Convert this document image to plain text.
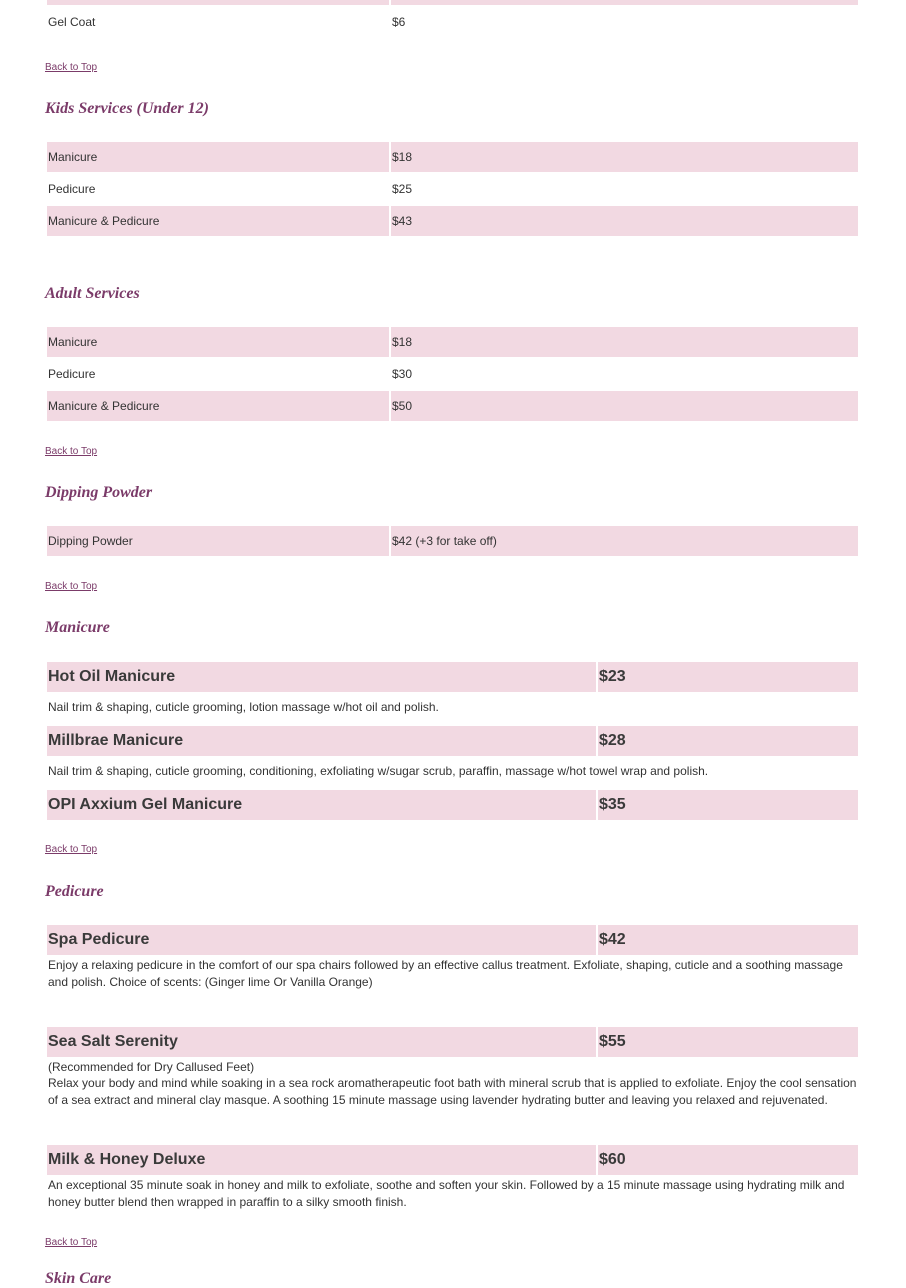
Gel Coat	$6
Back to Top
Kids Services (Under 12)
Manicure	$18
Pedicure	$25
Manicure & Pedicure	$43
Adult Services
Manicure	$18
Pedicure	$30
Manicure & Pedicure	$50
Back to Top
Dipping Powder
Dipping Powder	$42 (+3 for take off)
Back to Top
Manicure
Hot Oil Manicure	$23
Nail trim & shaping, cuticle grooming, lotion massage w/hot oil and polish.
Millbrae Manicure	$28
Nail trim & shaping, cuticle grooming, conditioning, exfoliating w/sugar scrub, paraffin, massage w/hot towel wrap and polish.
OPI Axxium Gel Manicure	$35
Back to Top
Pedicure
Spa Pedicure	$42
Enjoy a relaxing pedicure in the comfort of our spa chairs followed by an effective callus treatment. Exfoliate, shaping, cuticle and a soothing massage and polish. Choice of scents: (Ginger lime Or Vanilla Orange)
Sea Salt Serenity	$55
(Recommended for Dry Callused Feet)
Relax your body and mind while soaking in a sea rock aromatherapeutic foot bath with mineral scrub that is applied to exfoliate. Enjoy the cool sensation of a sea extract and mineral clay masque. A soothing 15 minute massage using lavender hydrating butter and leaving you relaxed and rejuvenated.
Milk & Honey Deluxe	$60
An exceptional 35 minute soak in honey and milk to exfoliate, soothe and soften your skin. Followed by a 15 minute massage using hydrating milk and honey butter blend then wrapped in paraffin to a silky smooth finish.
Back to Top
Skin Care
